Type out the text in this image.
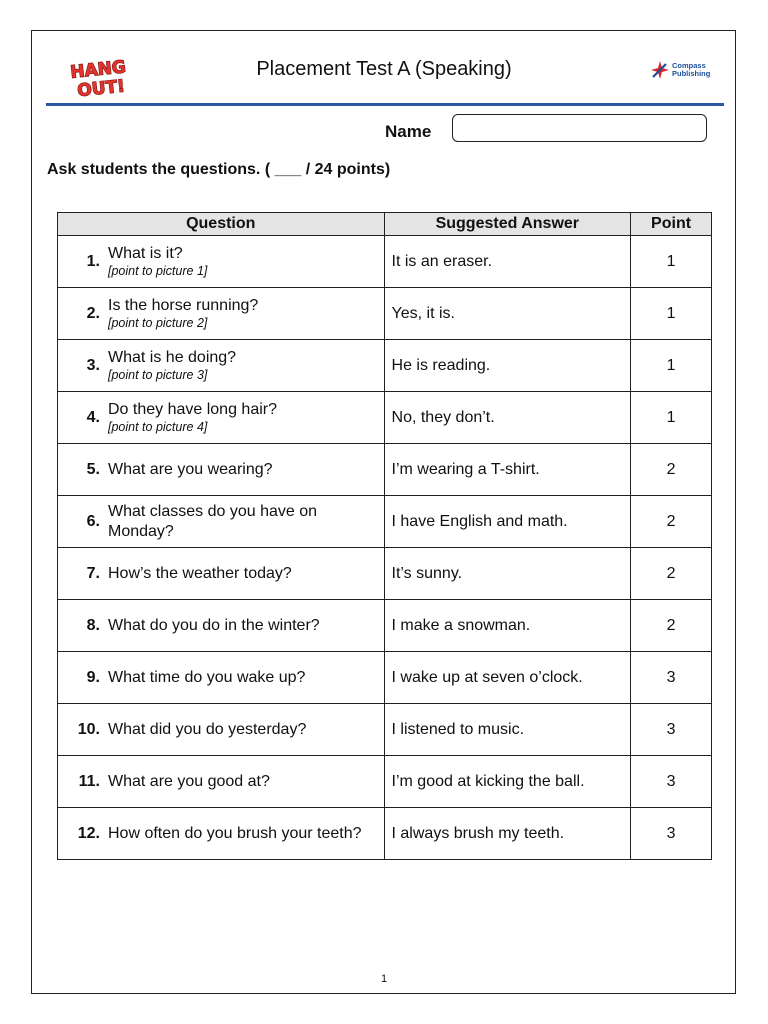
HANG
OUT!
Placement Test A (Speaking)	Compass
Publishing
Name
Ask students the questions. ( ___ / 24 points)
Question	Suggested Answer	Point

1. What is it?
[point to picture 1]	It is an eraser.	1

2. Is the horse running?
[point to picture 2]	Yes, it is.	1

3. What is he doing?
[point to picture 3]	He is reading.	1

4. Do they have long hair?
[point to picture 4]	No, they don’t.	1

5. What are you wearing?	I’m wearing a T-shirt.	2

6.
What classes do you have on Monday?	I have English and math.	2

7. How’s the weather today?	It’s sunny.	2

8. What do you do in the winter?	I make a snowman.	2

9. What time do you wake up?	I wake up at seven o’clock.	3

10. What did you do yesterday?	I listened to music.	3

11. What are you good at?	I’m good at kicking the ball.	3

12. How often do you brush your teeth?	I always brush my teeth.	3
1
